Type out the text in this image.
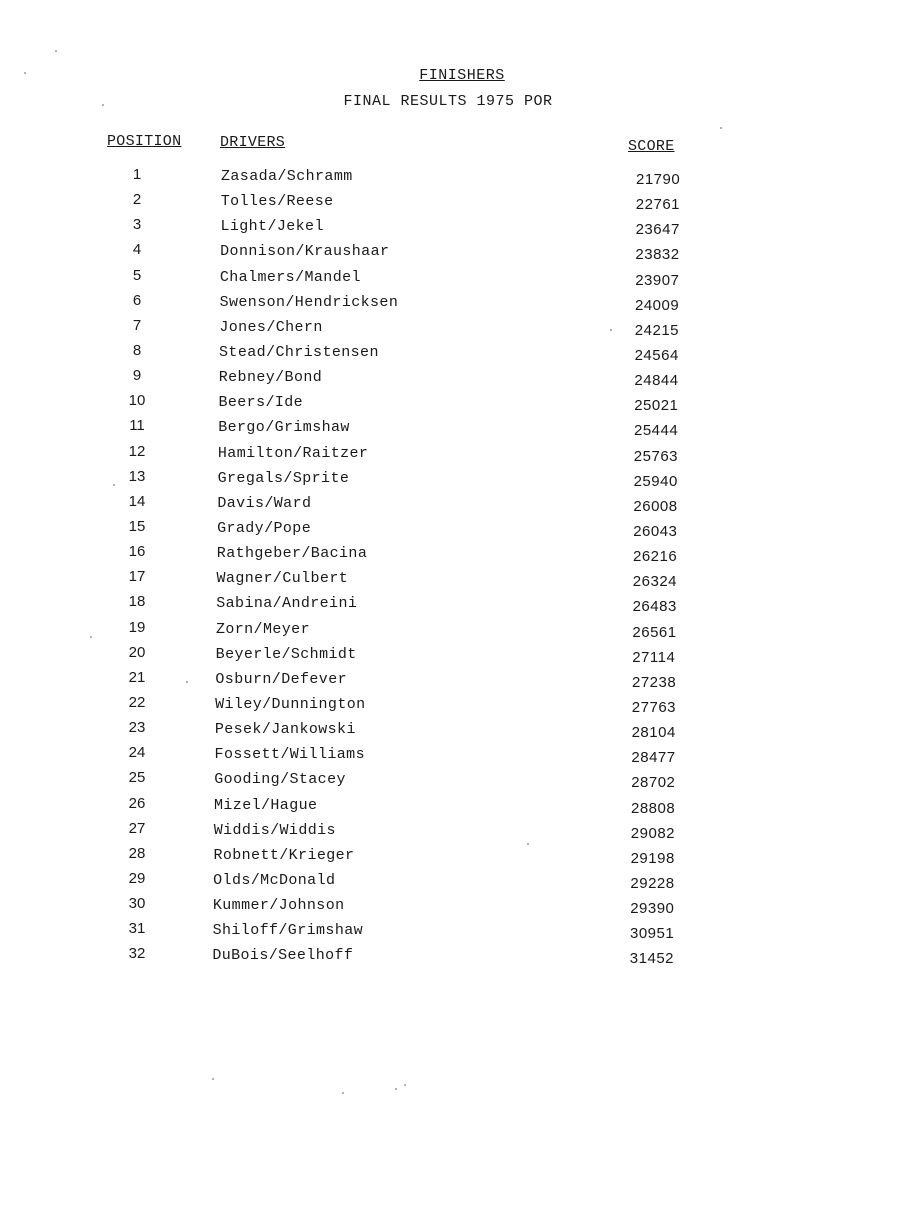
FINISHERS
FINAL RESULTS 1975 POR
POSITION	DRIVERS	SCORE
1	Zasada/Schramm	21790
2	Tolles/Reese	22761
3	Light/Jekel	23647
4	Donnison/Kraushaar	23832
5	Chalmers/Mandel	23907
6	Swenson/Hendricksen	24009
7	Jones/Chern	24215
8	Stead/Christensen	24564
9	Rebney/Bond	24844
10	Beers/Ide	25021
11	Bergo/Grimshaw	25444
12	Hamilton/Raitzer	25763
13	Gregals/Sprite	25940
14	Davis/Ward	26008
15	Grady/Pope	26043
16	Rathgeber/Bacina	26216
17	Wagner/Culbert	26324
18	Sabina/Andreini	26483
19	Zorn/Meyer	26561
20	Beyerle/Schmidt	27114
21	Osburn/Defever	27238
22	Wiley/Dunnington	27763
23	Pesek/Jankowski	28104
24	Fossett/Williams	28477
25	Gooding/Stacey	28702
26	Mizel/Hague	28808
27	Widdis/Widdis	29082
28	Robnett/Krieger	29198
29	Olds/McDonald	29228
30	Kummer/Johnson	29390
31	Shiloff/Grimshaw	30951
32	DuBois/Seelhoff	31452
